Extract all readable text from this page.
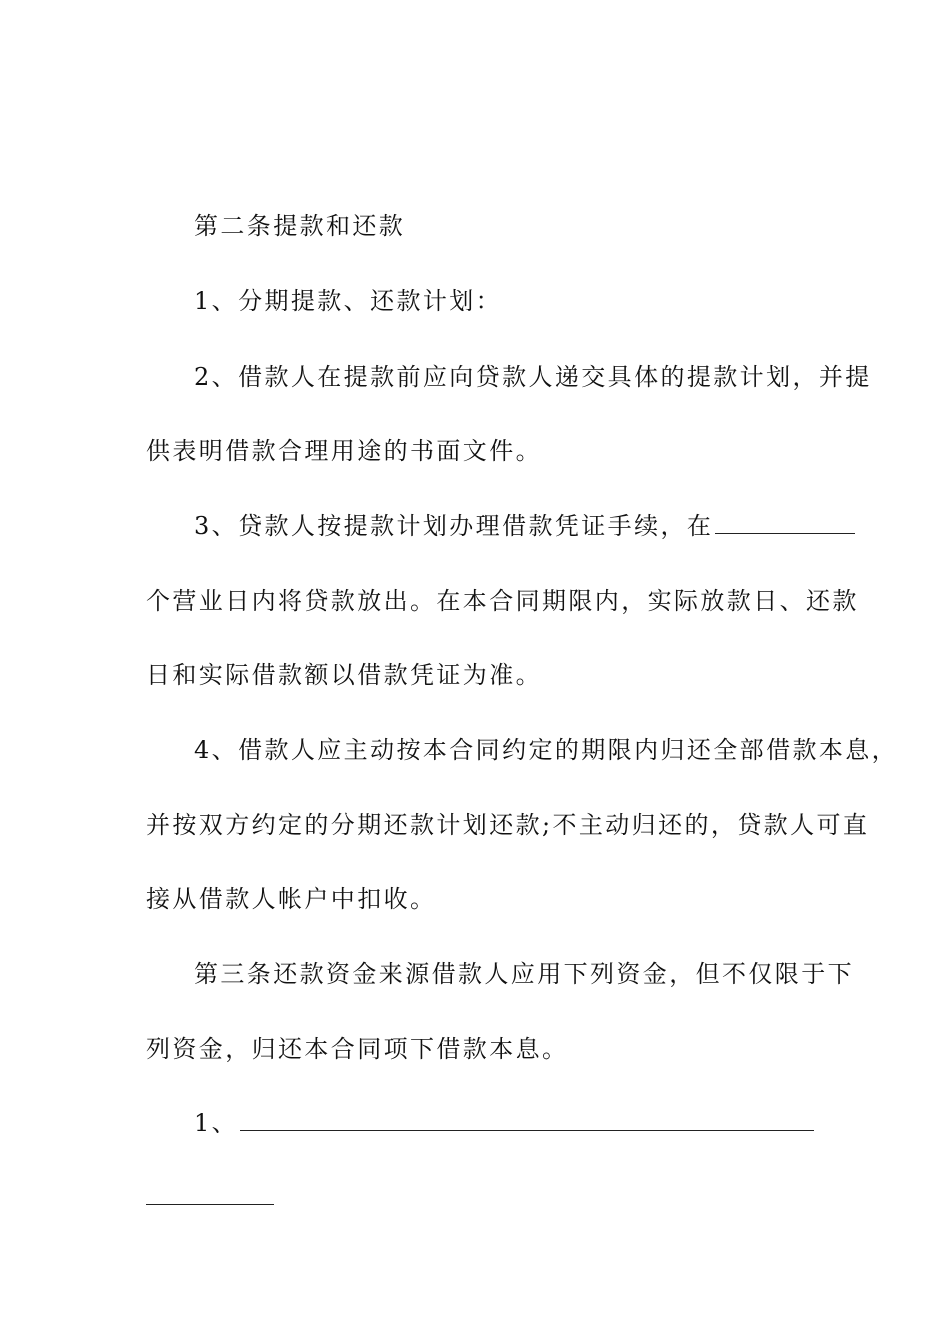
第二条提款和还款
1、分期提款、还款计划：
2、借款人在提款前应向贷款人递交具体的提款计划，并提
供表明借款合理用途的书面文件。
3、贷款人按提款计划办理借款凭证手续，在
个营业日内将贷款放出。在本合同期限内，实际放款日、还款
日和实际借款额以借款凭证为准。
4、借款人应主动按本合同约定的期限内归还全部借款本息，
并按双方约定的分期还款计划还款;不主动归还的，贷款人可直
接从借款人帐户中扣收。
第三条还款资金来源借款人应用下列资金，但不仅限于下
列资金，归还本合同项下借款本息。
1、
